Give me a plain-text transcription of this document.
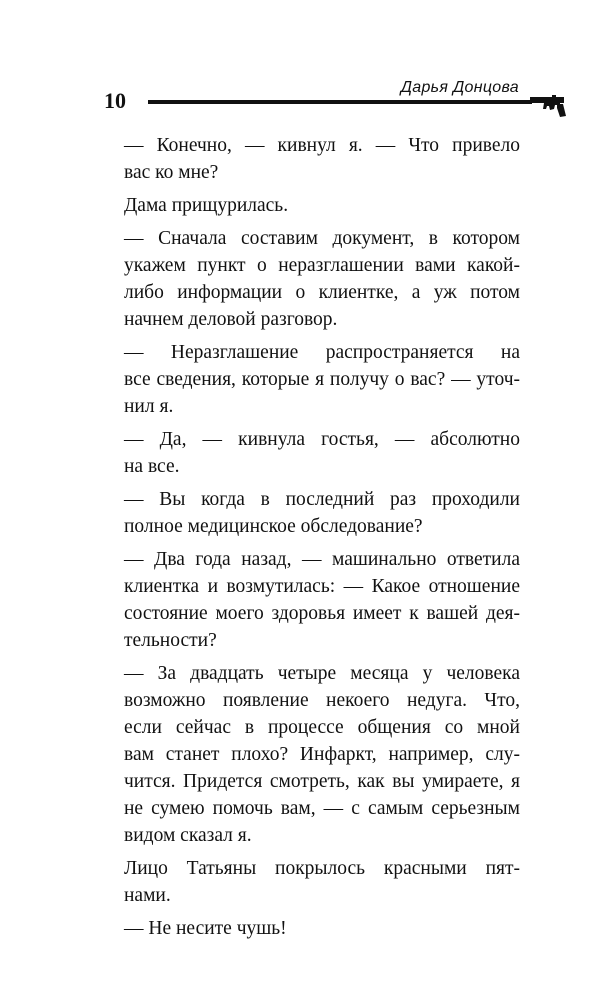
10
Дарья Донцова

— Конечно, — кивнул я. — Что привело
вас ко мне?

Дама прищурилась.

— Сначала составим документ, в котором
укажем пункт о неразглашении вами какой-
либо информации о клиентке, а уж потом
начнем деловой разговор.

— Неразглашение распространяется на
все сведения, которые я получу о вас? — уточ-
нил я.

— Да, — кивнула гостья, — абсолютно
на все.

— Вы когда в последний раз проходили
полное медицинское обследование?

— Два года назад, — машинально ответила
клиентка и возмутилась: — Какое отношение
состояние моего здоровья имеет к вашей дея-
тельности?

— За двадцать четыре месяца у человека
возможно появление некоего недуга. Что,
если сейчас в процессе общения со мной
вам станет плохо? Инфаркт, например, слу-
чится. Придется смотреть, как вы умираете, я
не сумею помочь вам, — с самым серьезным
видом сказал я.

Лицо Татьяны покрылось красными пят-
нами.

— Не несите чушь!
